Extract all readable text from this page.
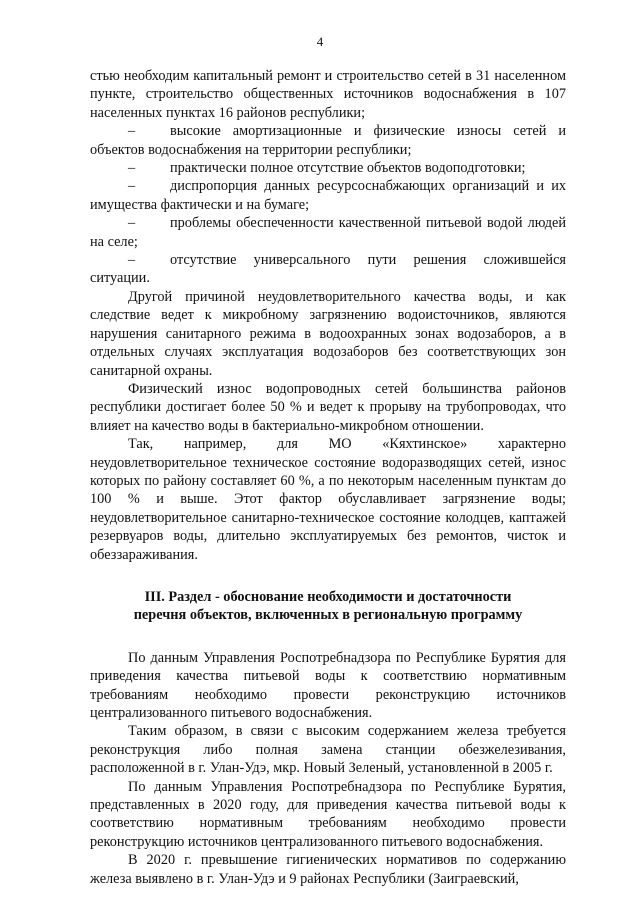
4

стью необходим капитальный ремонт и строительство сетей в 31 населенном пункте, строительство общественных источников водоснабжения в 107 населенных пунктах 16 районов республики;

– высокие амортизационные и физические износы сетей и объектов водоснабжения на территории республики;

– практически полное отсутствие объектов водоподготовки;

– диспропорция данных ресурсоснабжающих организаций и их имущества фактически и на бумаге;

– проблемы обеспеченности качественной питьевой водой людей на селе;

– отсутствие универсального пути решения сложившейся ситуации.

Другой причиной неудовлетворительного качества воды, и как следствие ведет к микробному загрязнению водоисточников, являются нарушения санитарного режима в водоохранных зонах водозаборов, а в отдельных случаях эксплуатация водозаборов без соответствующих зон санитарной охраны.

Физический износ водопроводных сетей большинства районов республики достигает более 50 % и ведет к прорыву на трубопроводах, что влияет на качество воды в бактериально-микробном отношении.

Так, например, для МО «Кяхтинское» характерно неудовлетворительное техническое состояние водоразводящих сетей, износ которых по району составляет 60 %, а по некоторым населенным пунктам до 100 % и выше. Этот фактор обуславливает загрязнение воды; неудовлетворительное санитарно-техническое состояние колодцев, каптажей резервуаров воды, длительно эксплуатируемых без ремонтов, чисток и обеззараживания.

III. Раздел - обоснование необходимости и достаточности
перечня объектов, включенных в региональную программу

По данным Управления Роспотребнадзора по Республике Бурятия для приведения качества питьевой воды к соответствию нормативным требованиям необходимо провести реконструкцию источников централизованного питьевого водоснабжения.

Таким образом, в связи с высоким содержанием железа требуется реконструкция либо полная замена станции обезжелезивания, расположенной в г. Улан-Удэ, мкр. Новый Зеленый, установленной в 2005 г.

По данным Управления Роспотребнадзора по Республике Бурятия, представленных в 2020 году, для приведения качества питьевой воды к соответствию нормативным требованиям необходимо провести реконструкцию источников централизованного питьевого водоснабжения.

В 2020 г. превышение гигиенических нормативов по содержанию железа выявлено в г. Улан-Удэ и 9 районах Республики (Заиграевский,
